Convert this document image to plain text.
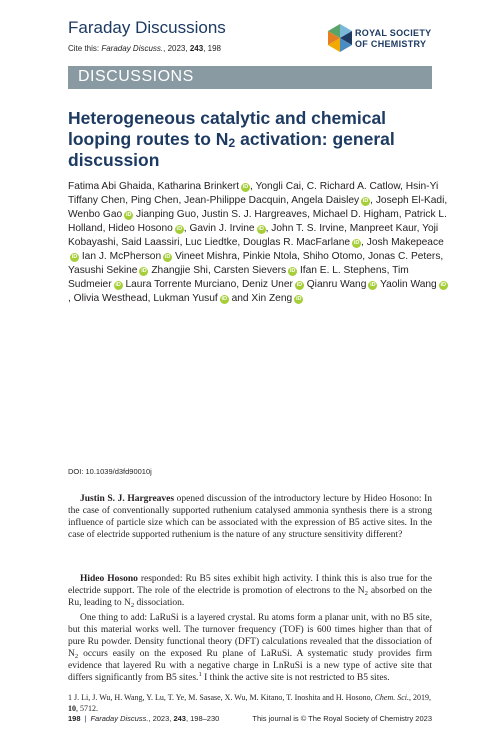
Faraday Discussions
Cite this: Faraday Discuss., 2023, 243, 198
ROYAL SOCIETY
OF CHEMISTRY
DISCUSSIONS
Heterogeneous catalytic and chemical looping routes to $N_2$ activation: general discussion
Fatima Abi Ghaida, Katharina Brinkert iD , Yongli Cai, C. Richard A. Catlow, Hsin-Yi Tiffany Chen, Ping Chen, Jean-Philippe Dacquin, Angela Daisley iD , Joseph El-Kadi, Wenbo Gao iD Jianping Guo, Justin S. J. Hargreaves, Michael D. Higham, Patrick L. Holland, Hideo Hosono iD , Gavin J. Irvine iD , John T. S. Irvine, Manpreet Kaur, Yoji Kobayashi, Said Laassiri, Luc Liedtke, Douglas R. MacFarlane iD , Josh MakepeaceiD Ian J. McPherson iD Vineet Mishra, Pinkie Ntola, Shiho Otomo, Jonas C. Peters, Yasushi Sekine iD Zhangjie Shi, Carsten Sievers iD Ifan E. L. Stephens, Tim Sudmeier iD Laura Torrente Murciano, Deniz Uner iD Qianru Wang iD Yaolin Wang iD, Olivia Westhead, Lukman Yusuf iD and Xin Zeng iD
DOI: 10.1039/d3fd90010j
Justin S. J. Hargreaves opened discussion of the introductory lecture by Hideo Hosono: In the case of conventionally supported ruthenium catalysed ammonia synthesis there is a strong influence of particle size which can be associated with the expression of B5 active sites. In the case of electride supported ruthenium is the nature of any structure sensitivity different?
Hideo Hosono responded: Ru B5 sites exhibit high activity. I think this is also true for the electride support. The role of the electride is promotion of electrons to the $N_2$ absorbed on the Ru, leading to $N_2$ dissociation.
One thing to add: LaRuSi is a layered crystal. Ru atoms form a planar unit, with no B5 site, but this material works well. The turnover frequency (TOF) is 600 times higher than that of pure Ru powder. Density functional theory (DFT) calculations revealed that the dissociation of $N_2$ occurs easily on the exposed Ru plane of LaRuSi. A systematic study provides firm evidence that layered Ru with a negative charge in LnRuSi is a new type of active site that differs significantly from B5 sites.$^1$ I think the active site is not restricted to B5 sites.
1 J. Li, J. Wu, H. Wang, Y. Lu, T. Ye, M. Sasase, X. Wu, M. Kitano, T. Inoshita and H. Hosono, Chem. Sci., 2019, 10, 5712.
198 | Faraday Discuss., 2023, 243, 198–230	This journal is © The Royal Society of Chemistry 2023
